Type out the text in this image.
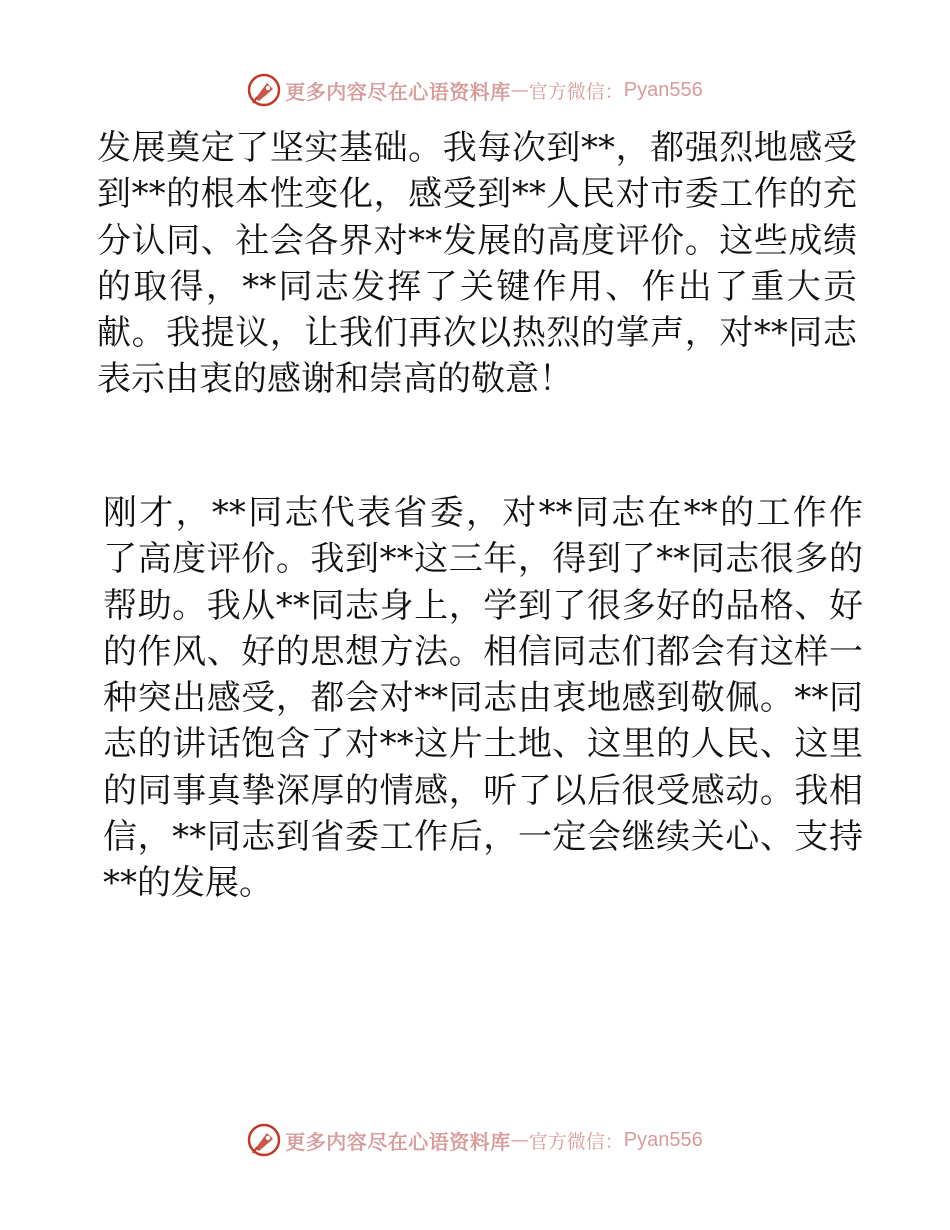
更多内容尽在心语资料库 — 官方微信： Pyan556
发展奠定了坚实基础。我每次到**，都强烈地感受
到**的根本性变化，感受到**人民对市委工作的充
分认同、社会各界对**发展的高度评价。这些成绩
的取得，**同志发挥了关键作用、作出了重大贡
献。我提议，让我们再次以热烈的掌声，对**同志
表示由衷的感谢和崇高的敬意！
刚才，**同志代表省委，对**同志在**的工作作
了高度评价。我到**这三年，得到了**同志很多的
帮助。我从**同志身上，学到了很多好的品格、好
的作风、好的思想方法。相信同志们都会有这样一
种突出感受，都会对**同志由衷地感到敬佩。**同
志的讲话饱含了对**这片土地、这里的人民、这里
的同事真挚深厚的情感，听了以后很受感动。我相
信，**同志到省委工作后，一定会继续关心、支持
**的发展。
更多内容尽在心语资料库 — 官方微信： Pyan556
